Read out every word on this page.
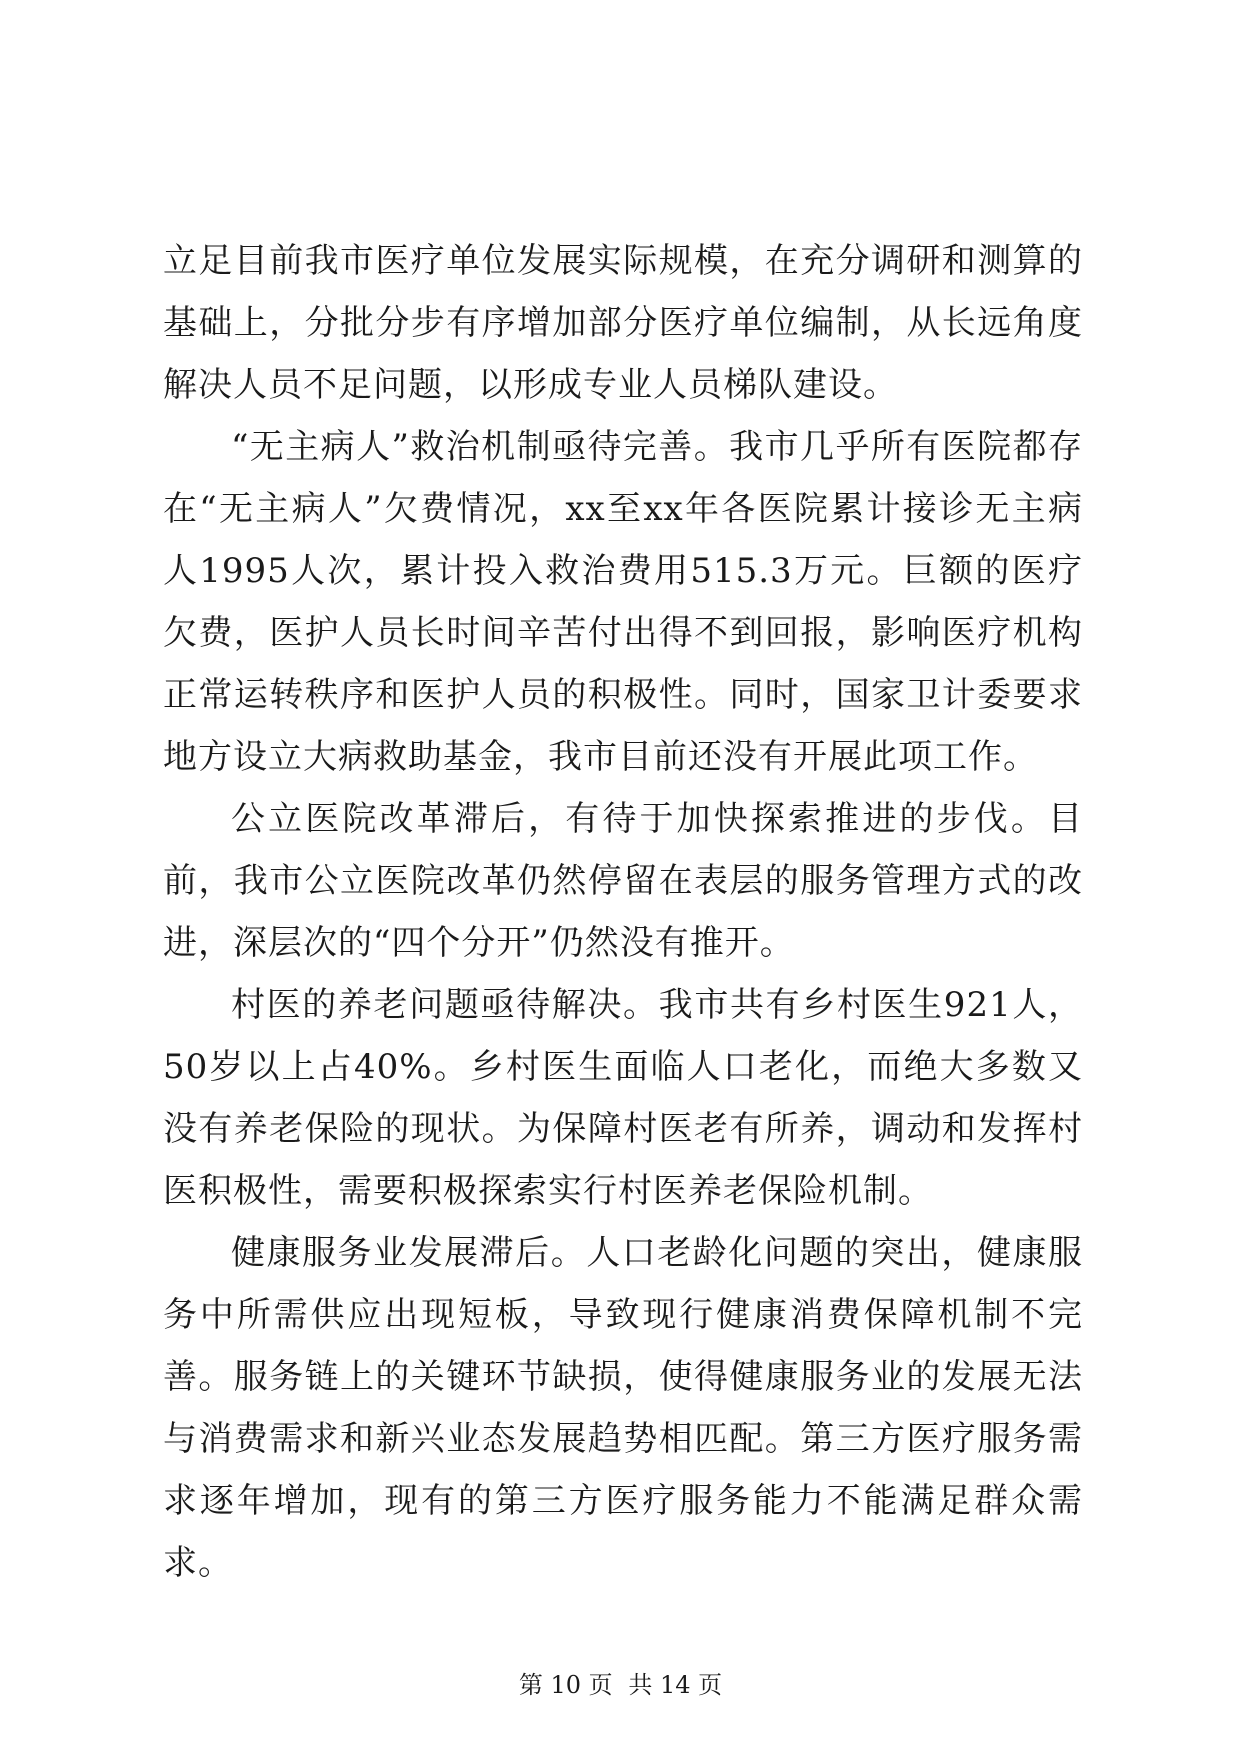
立足目前我市医疗单位发展实际规模，在充分调研和测算的基础上，分批分步有序增加部分医疗单位编制，从长远角度解决人员不足问题，以形成专业人员梯队建设。

“无主病人”救治机制亟待完善。我市几乎所有医院都存在“无主病人”欠费情况，xx至xx年各医院累计接诊无主病人1995人次，累计投入救治费用515.3万元。巨额的医疗欠费，医护人员长时间辛苦付出得不到回报，影响医疗机构正常运转秩序和医护人员的积极性。同时，国家卫计委要求地方设立大病救助基金，我市目前还没有开展此项工作。

公立医院改革滞后，有待于加快探索推进的步伐。目前，我市公立医院改革仍然停留在表层的服务管理方式的改进，深层次的“四个分开”仍然没有推开。

村医的养老问题亟待解决。我市共有乡村医生921人，50岁以上占40%。乡村医生面临人口老化，而绝大多数又没有养老保险的现状。为保障村医老有所养，调动和发挥村医积极性，需要积极探索实行村医养老保险机制。

健康服务业发展滞后。人口老龄化问题的突出，健康服务中所需供应出现短板，导致现行健康消费保障机制不完善。服务链上的关键环节缺损，使得健康服务业的发展无法与消费需求和新兴业态发展趋势相匹配。第三方医疗服务需求逐年增加，现有的第三方医疗服务能力不能满足群众需求。

第 10 页 共 14 页
